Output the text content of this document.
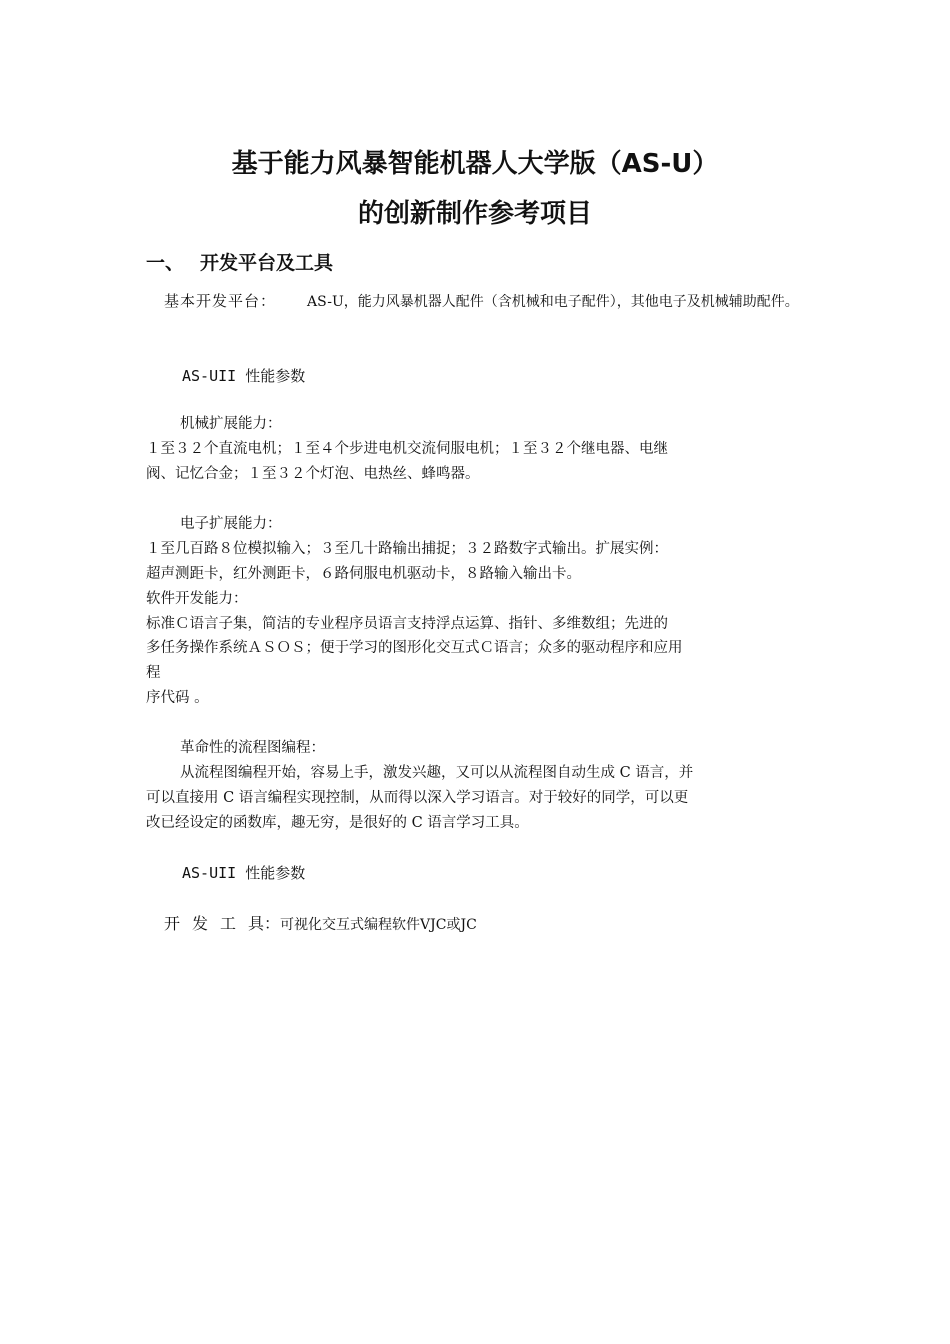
基于能力风暴智能机器人大学版（AS-U）
的创新制作参考项目
一、 开发平台及工具
基本开发平台： AS-U，能力风暴机器人配件（含机械和电子配件），其他电子及机械辅助配件。
AS-UII 性能参数
机械扩展能力：
１至３２个直流电机；１至４个步进电机交流伺服电机；１至３２个继电器、电继
阀、记忆合金；１至３２个灯泡、电热丝、蜂鸣器。
电子扩展能力：
１至几百路８位模拟输入；３至几十路输出捕捉；３２路数字式输出。扩展实例：
超声测距卡，红外测距卡，６路伺服电机驱动卡，８路输入输出卡。
软件开发能力：
标准Ｃ语言子集，简洁的专业程序员语言支持浮点运算、指针、多维数组；先进的
多任务操作系统ＡＳＯＳ；便于学习的图形化交互式Ｃ语言；众多的驱动程序和应用
程
序代码 。
革命性的流程图编程：
从流程图编程开始，容易上手，激发兴趣，又可以从流程图自动生成 C 语言，并
可以直接用 C 语言编程实现控制，从而得以深入学习语言。对于较好的同学，可以更
改已经设定的函数库，趣无穷，是很好的 C 语言学习工具。
AS-UII 性能参数
开发工具：可视化交互式编程软件VJC或JC
